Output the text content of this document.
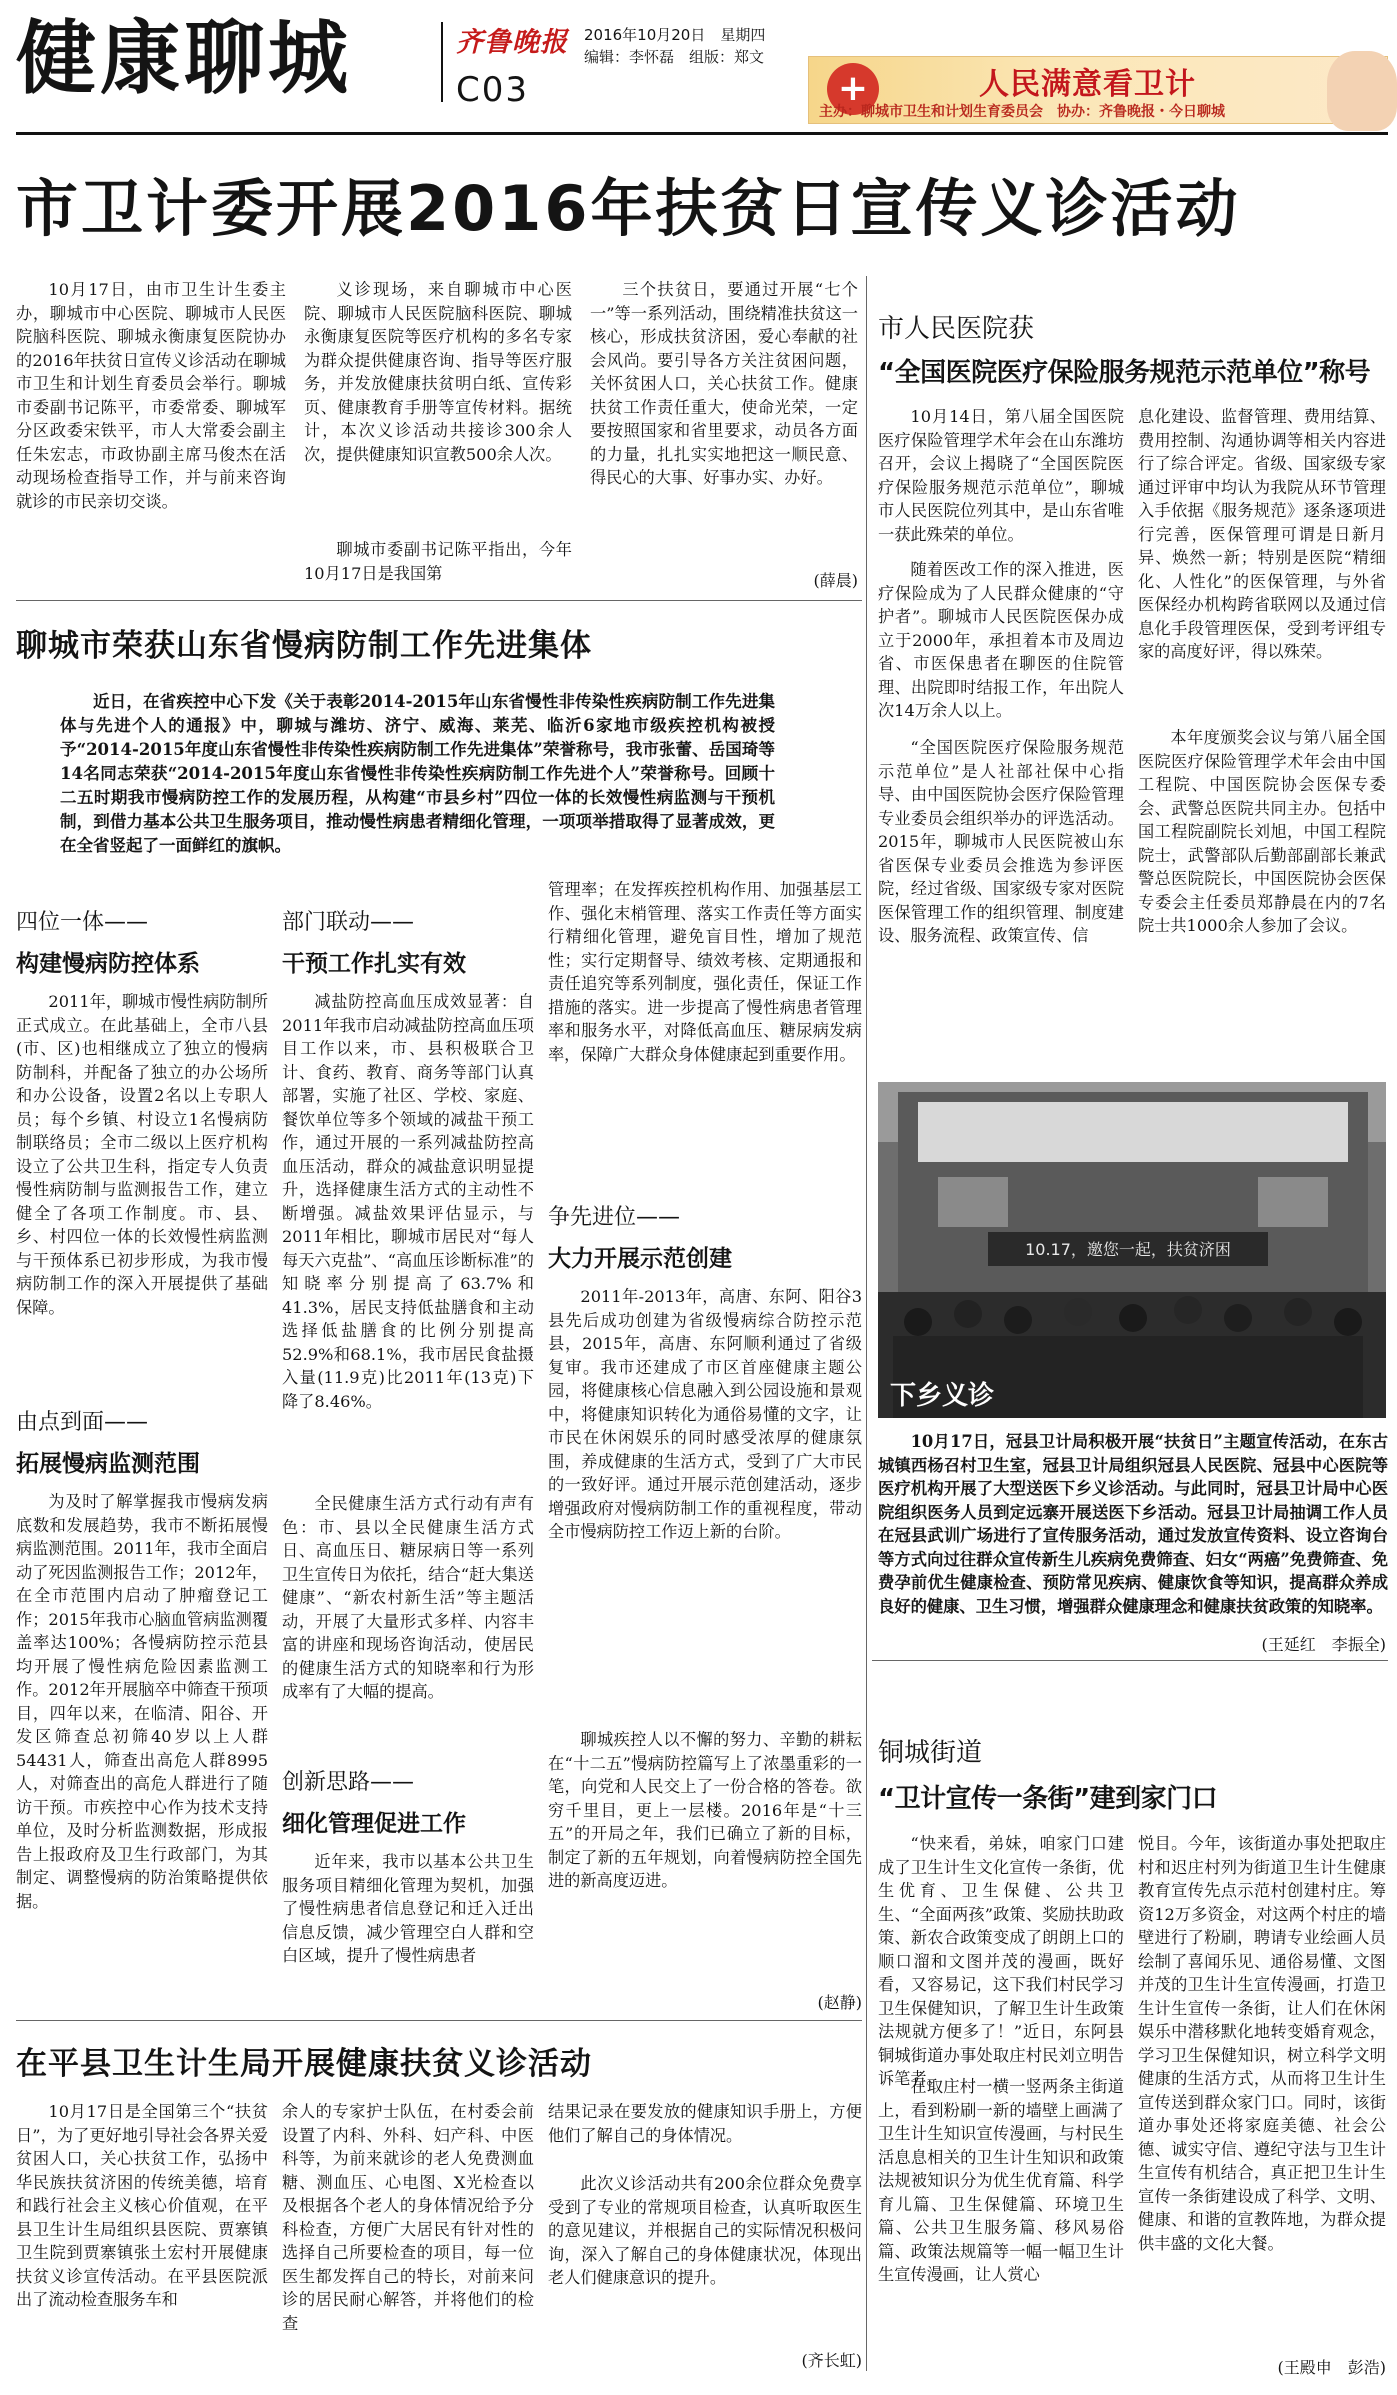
健康聊城	齐鲁晚报 2016年10月20日　星期四
编辑：李怀磊　组版：郑文
C03	+	人民满意看卫计
主办：聊城市卫生和计划生育委员会　协办：齐鲁晚报・今日聊城
市卫计委开展2016年扶贫日宣传义诊活动
10月17日，由市卫生计生委主办，聊城市中心医院、聊城市人民医院脑科医院、聊城永衡康复医院协办的2016年扶贫日宣传义诊活动在聊城市卫生和计划生育委员会举行。聊城市委副书记陈平，市委常委、聊城军分区政委宋铁平，市人大常委会副主任朱宏志，市政协副主席马俊杰在活动现场检查指导工作，并与前来咨询就诊的市民亲切交谈。
义诊现场，来自聊城市中心医院、聊城市人民医院脑科医院、聊城永衡康复医院等医疗机构的多名专家为群众提供健康咨询、指导等医疗服务，并发放健康扶贫明白纸、宣传彩页、健康教育手册等宣传材料。据统计，本次义诊活动共接诊300余人次，提供健康知识宣教500余人次。
聊城市委副书记陈平指出，今年10月17日是我国第
三个扶贫日，要通过开展“七个一”等一系列活动，围绕精准扶贫这一核心，形成扶贫济困，爱心奉献的社会风尚。要引导各方关注贫困问题，关怀贫困人口，关心扶贫工作。健康扶贫工作责任重大，使命光荣，一定要按照国家和省里要求，动员各方面的力量，扎扎实实地把这一顺民意、得民心的大事、好事办实、办好。
(薛晨)
聊城市荣获山东省慢病防制工作先进集体
近日，在省疾控中心下发《关于表彰2014-2015年山东省慢性非传染性疾病防制工作先进集体与先进个人的通报》中，聊城与潍坊、济宁、威海、莱芜、临沂6家地市级疾控机构被授予“2014-2015年度山东省慢性非传染性疾病防制工作先进集体”荣誉称号，我市张蕾、岳国琦等14名同志荣获“2014-2015年度山东省慢性非传染性疾病防制工作先进个人”荣誉称号。回顾十二五时期我市慢病防控工作的发展历程，从构建“市县乡村”四位一体的长效慢性病监测与干预机制，到借力基本公共卫生服务项目，推动慢性病患者精细化管理，一项项举措取得了显著成效，更在全省竖起了一面鲜红的旗帜。
四位一体——
构建慢病防控体系
2011年，聊城市慢性病防制所正式成立。在此基础上，全市八县(市、区)也相继成立了独立的慢病防制科，并配备了独立的办公场所和办公设备，设置2名以上专职人员；每个乡镇、村设立1名慢病防制联络员；全市二级以上医疗机构设立了公共卫生科，指定专人负责慢性病防制与监测报告工作，建立健全了各项工作制度。市、县、乡、村四位一体的长效慢性病监测与干预体系已初步形成，为我市慢病防制工作的深入开展提供了基础保障。
由点到面——
拓展慢病监测范围
为及时了解掌握我市慢病发病底数和发展趋势，我市不断拓展慢病监测范围。2011年，我市全面启动了死因监测报告工作；2012年，在全市范围内启动了肿瘤登记工作；2015年我市心脑血管病监测覆盖率达100%；各慢病防控示范县均开展了慢性病危险因素监测工作。2012年开展脑卒中筛查干预项目，四年以来，在临清、阳谷、开发区筛查总初筛40岁以上人群54431人，筛查出高危人群8995人，对筛查出的高危人群进行了随访干预。市疾控中心作为技术支持单位，及时分析监测数据，形成报告上报政府及卫生行政部门，为其制定、调整慢病的防治策略提供依据。
部门联动——
干预工作扎实有效
减盐防控高血压成效显著：自2011年我市启动减盐防控高血压项目工作以来，市、县积极联合卫计、食药、教育、商务等部门认真部署，实施了社区、学校、家庭、餐饮单位等多个领域的减盐干预工作，通过开展的一系列减盐防控高血压活动，群众的减盐意识明显提升，选择健康生活方式的主动性不断增强。减盐效果评估显示，与2011年相比，聊城市居民对“每人每天六克盐”、“高血压诊断标准”的知晓率分别提高了63.7%和41.3%，居民支持低盐膳食和主动选择低盐膳食的比例分别提高52.9%和68.1%，我市居民食盐摄入量(11.9克)比2011年(13克)下降了8.46%。
全民健康生活方式行动有声有色：市、县以全民健康生活方式日、高血压日、糖尿病日等一系列卫生宣传日为依托，结合“赶大集送健康”、“新农村新生活”等主题活动，开展了大量形式多样、内容丰富的讲座和现场咨询活动，使居民的健康生活方式的知晓率和行为形成率有了大幅的提高。
创新思路——
细化管理促进工作
近年来，我市以基本公共卫生服务项目精细化管理为契机，加强了慢性病患者信息登记和迁入迁出信息反馈，减少管理空白人群和空白区域，提升了慢性病患者
管理率；在发挥疾控机构作用、加强基层工作、强化末梢管理、落实工作责任等方面实行精细化管理，避免盲目性，增加了规范性；实行定期督导、绩效考核、定期通报和责任追究等系列制度，强化责任，保证工作措施的落实。进一步提高了慢性病患者管理率和服务水平，对降低高血压、糖尿病发病率，保障广大群众身体健康起到重要作用。
争先进位——
大力开展示范创建
2011年-2013年，高唐、东阿、阳谷3县先后成功创建为省级慢病综合防控示范县，2015年，高唐、东阿顺利通过了省级复审。我市还建成了市区首座健康主题公园，将健康核心信息融入到公园设施和景观中，将健康知识转化为通俗易懂的文字，让市民在休闲娱乐的同时感受浓厚的健康氛围，养成健康的生活方式，受到了广大市民的一致好评。通过开展示范创建活动，逐步增强政府对慢病防制工作的重视程度，带动全市慢病防控工作迈上新的台阶。
聊城疾控人以不懈的努力、辛勤的耕耘在“十二五”慢病防控篇写上了浓墨重彩的一笔，向党和人民交上了一份合格的答卷。欲穷千里目，更上一层楼。2016年是“十三五”的开局之年，我们已确立了新的目标，制定了新的五年规划，向着慢病防控全国先进的新高度迈进。
(赵静)
在平县卫生计生局开展健康扶贫义诊活动
10月17日是全国第三个“扶贫日”，为了更好地引导社会各界关爱贫困人口，关心扶贫工作，弘扬中华民族扶贫济困的传统美德，培育和践行社会主义核心价值观，在平县卫生计生局组织县医院、贾寨镇卫生院到贾寨镇张土宏村开展健康扶贫义诊宣传活动。在平县医院派出了流动检查服务车和
余人的专家护士队伍，在村委会前设置了内科、外科、妇产科、中医科等，为前来就诊的老人免费测血糖、测血压、心电图、X光检查以及根据各个老人的身体情况给予分科检查，方便广大居民有针对性的选择自己所要检查的项目，每一位医生都发挥自己的特长，对前来问诊的居民耐心解答，并将他们的检查
结果记录在要发放的健康知识手册上，方便他们了解自己的身体情况。
此次义诊活动共有200余位群众免费享受到了专业的常规项目检查，认真听取医生的意见建议，并根据自己的实际情况积极问询，深入了解自己的身体健康状况，体现出老人们健康意识的提升。
(齐长虹)
市人民医院获
“全国医院医疗保险服务规范示范单位”称号
10月14日，第八届全国医院医疗保险管理学术年会在山东潍坊召开，会议上揭晓了“全国医院医疗保险服务规范示范单位”，聊城市人民医院位列其中，是山东省唯一获此殊荣的单位。
随着医改工作的深入推进，医疗保险成为了人民群众健康的“守护者”。聊城市人民医院医保办成立于2000年，承担着本市及周边省、市医保患者在聊医的住院管理、出院即时结报工作，年出院人次14万余人以上。
“全国医院医疗保险服务规范示范单位”是人社部社保中心指导、由中国医院协会医疗保险管理专业委员会组织举办的评选活动。2015年，聊城市人民医院被山东省医保专业委员会推选为参评医院，经过省级、国家级专家对医院医保管理工作的组织管理、制度建设、服务流程、政策宣传、信
息化建设、监督管理、费用结算、费用控制、沟通协调等相关内容进行了综合评定。省级、国家级专家通过评审中均认为我院从环节管理入手依据《服务规范》逐条逐项进行完善，医保管理可谓是日新月异、焕然一新；特别是医院“精细化、人性化”的医保管理，与外省医保经办机构跨省联网以及通过信息化手段管理医保，受到考评组专家的高度好评，得以殊荣。
本年度颁奖会议与第八届全国医院医疗保险管理学术年会由中国工程院、中国医院协会医保专委会、武警总医院共同主办。包括中国工程院副院长刘旭，中国工程院院士，武警部队后勤部副部长兼武警总医院院长，中国医院协会医保专委会主任委员郑静晨在内的7名院士共1000余人参加了会议。
10.17，邀您一起，扶贫济困
下乡义诊
10月17日，冠县卫计局积极开展“扶贫日”主题宣传活动，在东古城镇西杨召村卫生室，冠县卫计局组织冠县人民医院、冠县中心医院等医疗机构开展了大型送医下乡义诊活动。与此同时，冠县卫计局中心医院组织医务人员到定远寨开展送医下乡活动。冠县卫计局抽调工作人员在冠县武训广场进行了宣传服务活动，通过发放宣传资料、设立咨询台等方式向过往群众宣传新生儿疾病免费筛查、妇女“两癌”免费筛查、免费孕前优生健康检查、预防常见疾病、健康饮食等知识，提高群众养成良好的健康、卫生习惯，增强群众健康理念和健康扶贫政策的知晓率。
(王延红　李振全)
铜城街道
“卫计宣传一条街”建到家门口
“快来看，弟妹，咱家门口建成了卫生计生文化宣传一条街，优生优育、卫生保健、公共卫生、“全面两孩”政策、奖励扶助政策、新农合政策变成了朗朗上口的顺口溜和文图并茂的漫画，既好看，又容易记，这下我们村民学习卫生保健知识，了解卫生计生政策法规就方便多了！”近日，东阿县铜城街道办事处取庄村民刘立明告诉笔者。
在取庄村一横一竖两条主街道上，看到粉刷一新的墙壁上画满了卫生计生知识宣传漫画，与村民生活息息相关的卫生计生知识和政策法规被知识分为优生优育篇、科学育儿篇、卫生保健篇、环境卫生篇、公共卫生服务篇、移风易俗篇、政策法规篇等一幅一幅卫生计生宣传漫画，让人赏心
悦目。今年，该街道办事处把取庄村和迟庄村列为街道卫生计生健康教育宣传先点示范村创建村庄。筹资12万多资金，对这两个村庄的墙壁进行了粉刷，聘请专业绘画人员绘制了喜闻乐见、通俗易懂、文图并茂的卫生计生宣传漫画，打造卫生计生宣传一条街，让人们在休闲娱乐中潜移默化地转变婚育观念，学习卫生保健知识，树立科学文明健康的生活方式，从而将卫生计生宣传送到群众家门口。同时，该街道办事处还将家庭美德、社会公德、诚实守信、遵纪守法与卫生计生宣传有机结合，真正把卫生计生宣传一条街建设成了科学、文明、健康、和谐的宣教阵地，为群众提供丰盛的文化大餐。
(王殿申　彭浩)
